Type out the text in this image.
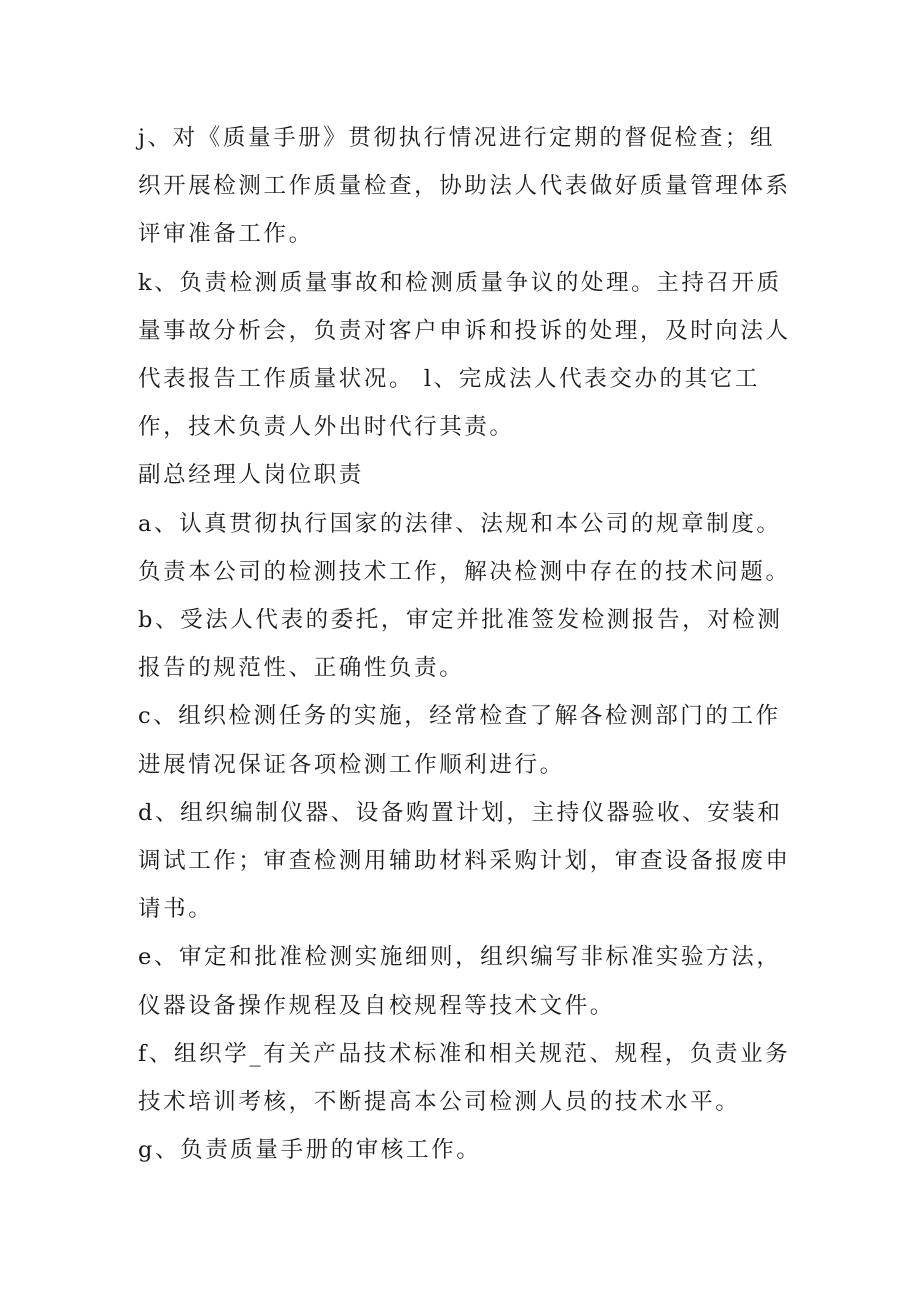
j、对《质量手册》贯彻执行情况进行定期的督促检查；组织开展检测工作质量检查，协助法人代表做好质量管理体系评审准备工作。

k、负责检测质量事故和检测质量争议的处理。主持召开质量事故分析会，负责对客户申诉和投诉的处理，及时向法人代表报告工作质量状况。 l、完成法人代表交办的其它工作，技术负责人外出时代行其责。

副总经理人岗位职责

a、认真贯彻执行国家的法律、法规和本公司的规章制度。负责本公司的检测技术工作，解决检测中存在的技术问题。

b、受法人代表的委托，审定并批准签发检测报告，对检测报告的规范性、正确性负责。

c、组织检测任务的实施，经常检查了解各检测部门的工作进展情况保证各项检测工作顺利进行。

d、组织编制仪器、设备购置计划，主持仪器验收、安装和调试工作；审查检测用辅助材料采购计划，审查设备报废申请书。

e、审定和批准检测实施细则，组织编写非标准实验方法，仪器设备操作规程及自校规程等技术文件。

f、组织学_有关产品技术标准和相关规范、规程，负责业务技术培训考核，不断提高本公司检测人员的技术水平。

g、负责质量手册的审核工作。
